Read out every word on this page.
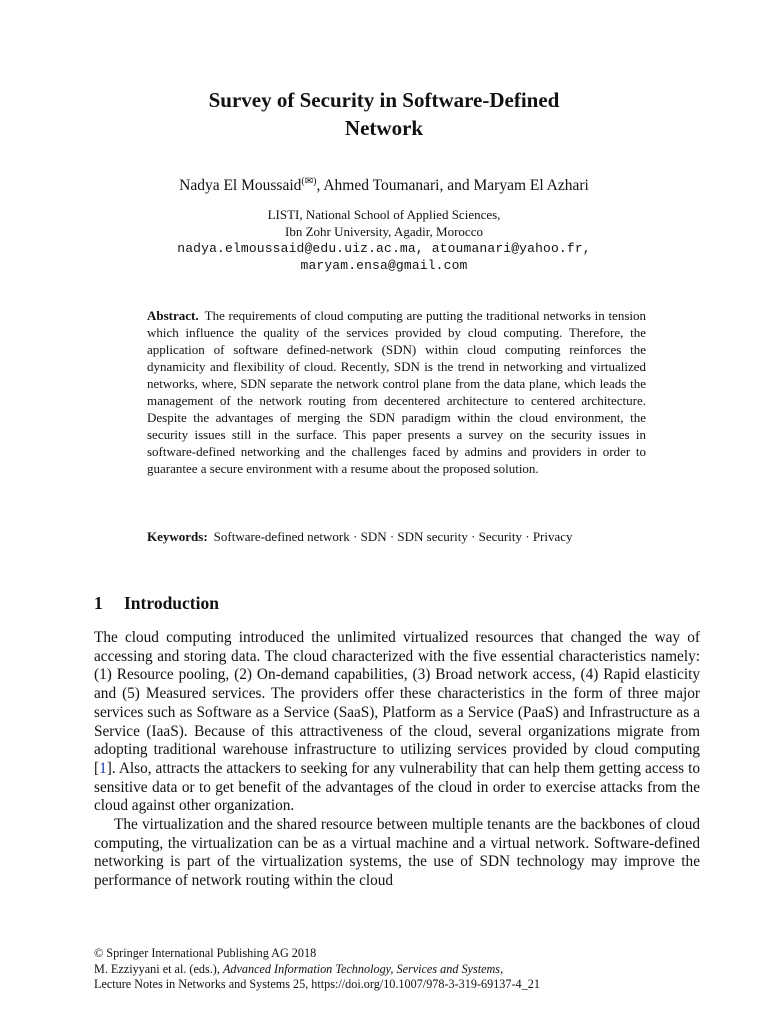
Survey of Security in Software-Defined
Network
Nadya El Moussaid(✉), Ahmed Toumanari, and Maryam El Azhari
LISTI, National School of Applied Sciences,
Ibn Zohr University, Agadir, Morocco
nadya.elmoussaid@edu.uiz.ac.ma, atoumanari@yahoo.fr,
maryam.ensa@gmail.com
Abstract. The requirements of cloud computing are putting the traditional networks in tension which influence the quality of the services provided by cloud computing. Therefore, the application of software defined-network (SDN) within cloud computing reinforces the dynamicity and flexibility of cloud. Recently, SDN is the trend in networking and virtualized networks, where, SDN separate the network control plane from the data plane, which leads the management of the network routing from decentered architecture to centered architecture. Despite the advantages of merging the SDN paradigm within the cloud environment, the security issues still in the surface. This paper presents a survey on the security issues in software-defined networking and the challenges faced by admins and providers in order to guarantee a secure environment with a resume about the proposed solution.
Keywords: Software-defined network · SDN · SDN security · Security · Privacy
1 Introduction

The cloud computing introduced the unlimited virtualized resources that changed the way of accessing and storing data. The cloud characterized with the five essential characteristics namely: (1) Resource pooling, (2) On-demand capabilities, (3) Broad network access, (4) Rapid elasticity and (5) Measured services. The providers offer these characteristics in the form of three major services such as Software as a Service (SaaS), Platform as a Service (PaaS) and Infrastructure as a Service (IaaS). Because of this attractiveness of the cloud, several organizations migrate from adopting traditional warehouse infrastructure to utilizing services provided by cloud computing [1]. Also, attracts the attackers to seeking for any vulnerability that can help them getting access to sensitive data or to get benefit of the advantages of the cloud in order to exercise attacks from the cloud against other organization.

The virtualization and the shared resource between multiple tenants are the backbones of cloud computing, the virtualization can be as a virtual machine and a virtual network. Software-defined networking is part of the virtualization systems, the use of SDN technology may improve the performance of network routing within the cloud

© Springer International Publishing AG 2018
M. Ezziyyani et al. (eds.), Advanced Information Technology, Services and Systems,
Lecture Notes in Networks and Systems 25, https://doi.org/10.1007/978-3-319-69137-4_21
